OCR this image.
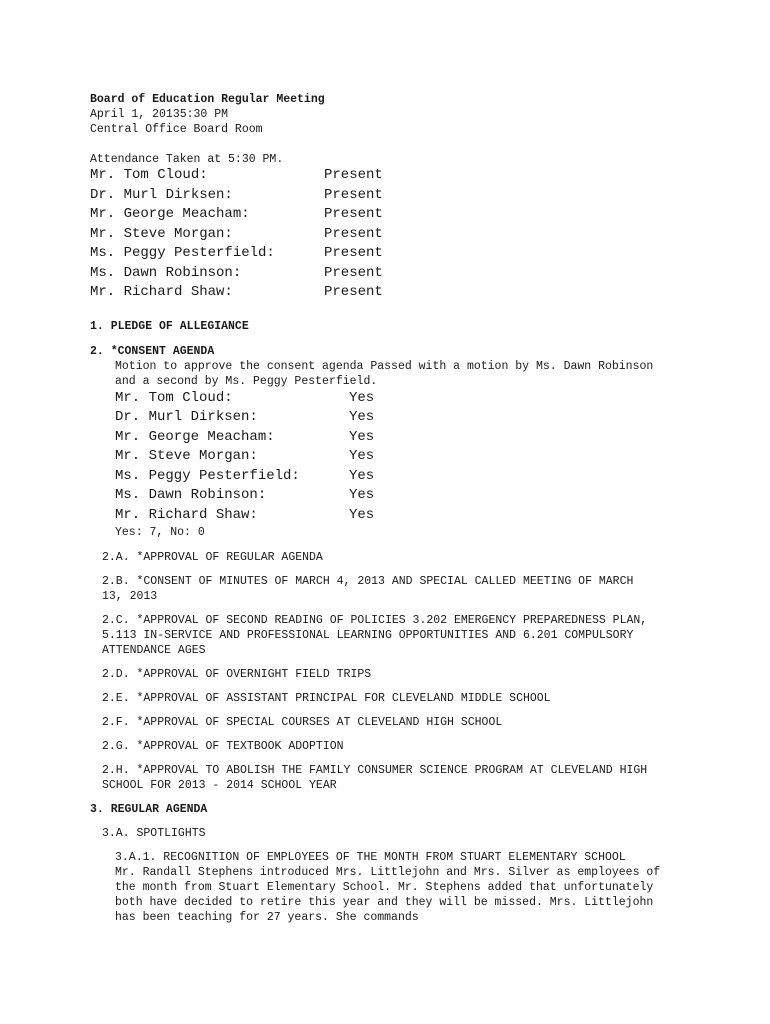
Board of Education Regular Meeting
April 1, 20135:30 PM
Central Office Board Room
Attendance Taken at 5:30 PM.
Mr. Tom Cloud:	Present
Dr. Murl Dirksen:	Present
Mr. George Meacham:	Present
Mr. Steve Morgan:	Present
Ms. Peggy Pesterfield:	Present
Ms. Dawn Robinson:	Present
Mr. Richard Shaw:	Present
1. PLEDGE OF ALLEGIANCE
2. *CONSENT AGENDA
Motion to approve the consent agenda Passed with a motion by Ms. Dawn Robinson and a second by Ms. Peggy Pesterfield.
Mr. Tom Cloud:	Yes
Dr. Murl Dirksen:	Yes
Mr. George Meacham:	Yes
Mr. Steve Morgan:	Yes
Ms. Peggy Pesterfield:	Yes
Ms. Dawn Robinson:	Yes
Mr. Richard Shaw:	Yes
Yes: 7, No: 0
2.A. *APPROVAL OF REGULAR AGENDA
2.B. *CONSENT OF MINUTES OF MARCH 4, 2013 AND SPECIAL CALLED MEETING OF MARCH 13, 2013
2.C. *APPROVAL OF SECOND READING OF POLICIES 3.202 EMERGENCY PREPAREDNESS PLAN, 5.113 IN-SERVICE AND PROFESSIONAL LEARNING OPPORTUNITIES AND 6.201 COMPULSORY ATTENDANCE AGES
2.D. *APPROVAL OF OVERNIGHT FIELD TRIPS
2.E. *APPROVAL OF ASSISTANT PRINCIPAL FOR CLEVELAND MIDDLE SCHOOL
2.F. *APPROVAL OF SPECIAL COURSES AT CLEVELAND HIGH SCHOOL
2.G. *APPROVAL OF TEXTBOOK ADOPTION
2.H. *APPROVAL TO ABOLISH THE FAMILY CONSUMER SCIENCE PROGRAM AT CLEVELAND HIGH SCHOOL FOR 2013 - 2014 SCHOOL YEAR
3. REGULAR AGENDA
3.A. SPOTLIGHTS
3.A.1. RECOGNITION OF EMPLOYEES OF THE MONTH FROM STUART ELEMENTARY SCHOOL
Mr. Randall Stephens introduced Mrs. Littlejohn and Mrs. Silver as employees of the month from Stuart Elementary School. Mr. Stephens added that unfortunately both have decided to retire this year and they will be missed. Mrs. Littlejohn has been teaching for 27 years. She commands
